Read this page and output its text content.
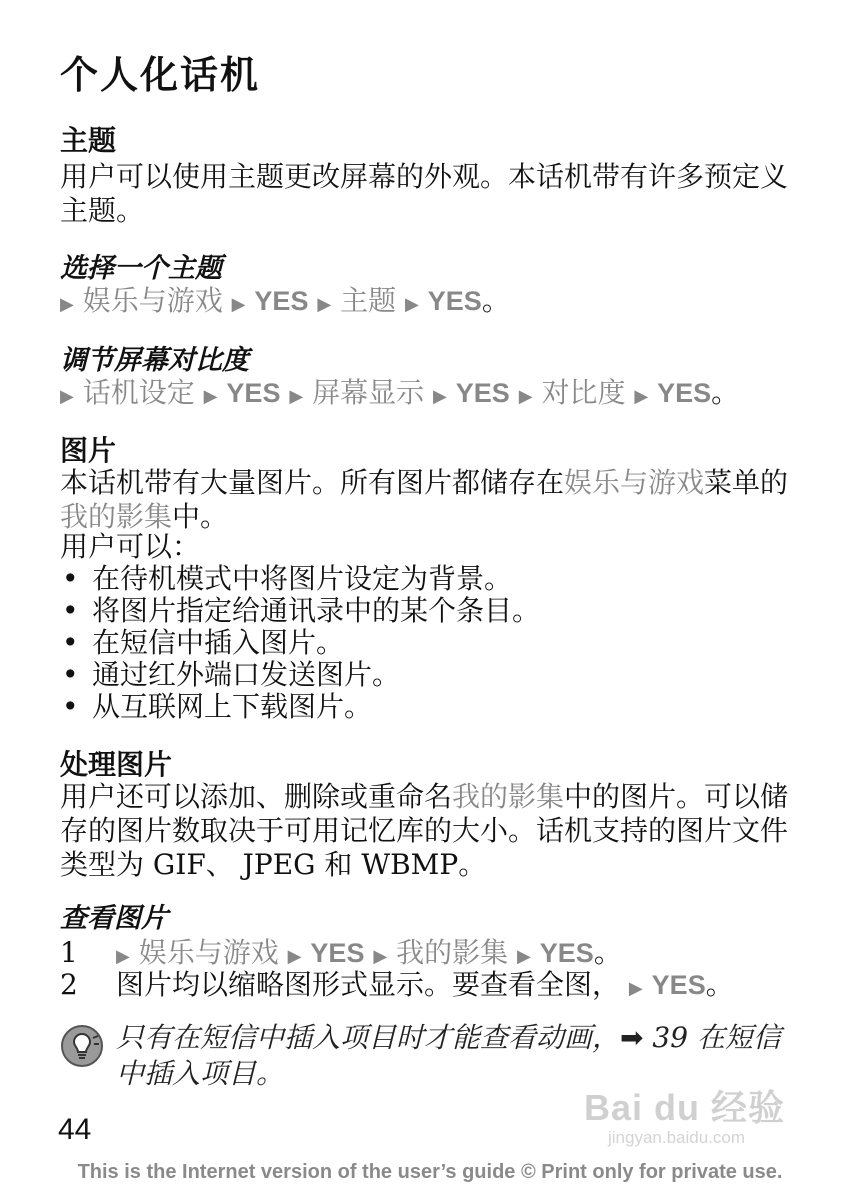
个人化话机
主题
用户可以使用主题更改屏幕的外观。本话机带有许多预定义主题。
选择一个主题
▶ 娱乐与游戏 ▶ YES ▶ 主题 ▶ YES。
调节屏幕对比度
▶ 话机设定 ▶ YES ▶ 屏幕显示 ▶ YES ▶ 对比度 ▶ YES。
图片
本话机带有大量图片。所有图片都储存在娱乐与游戏菜单的我的影集中。
用户可以：
• 在待机模式中将图片设定为背景。
• 将图片指定给通讯录中的某个条目。
• 在短信中插入图片。
• 通过红外端口发送图片。
• 从互联网上下载图片。
处理图片
用户还可以添加、删除或重命名我的影集中的图片。可以储存的图片数取决于可用记忆库的大小。话机支持的图片文件类型为 GIF、 JPEG 和 WBMP。
查看图片
1 ▶ 娱乐与游戏 ▶ YES ▶ 我的影集 ▶ YES。
2 图片均以缩略图形式显示。要查看全图， ▶ YES。
只有在短信中插入项目时才能查看动画，➡ 39 在短信中插入项目。
Bai du 经验
jingyan.baidu.com
44
This is the Internet version of the user’s guide © Print only for private use.
